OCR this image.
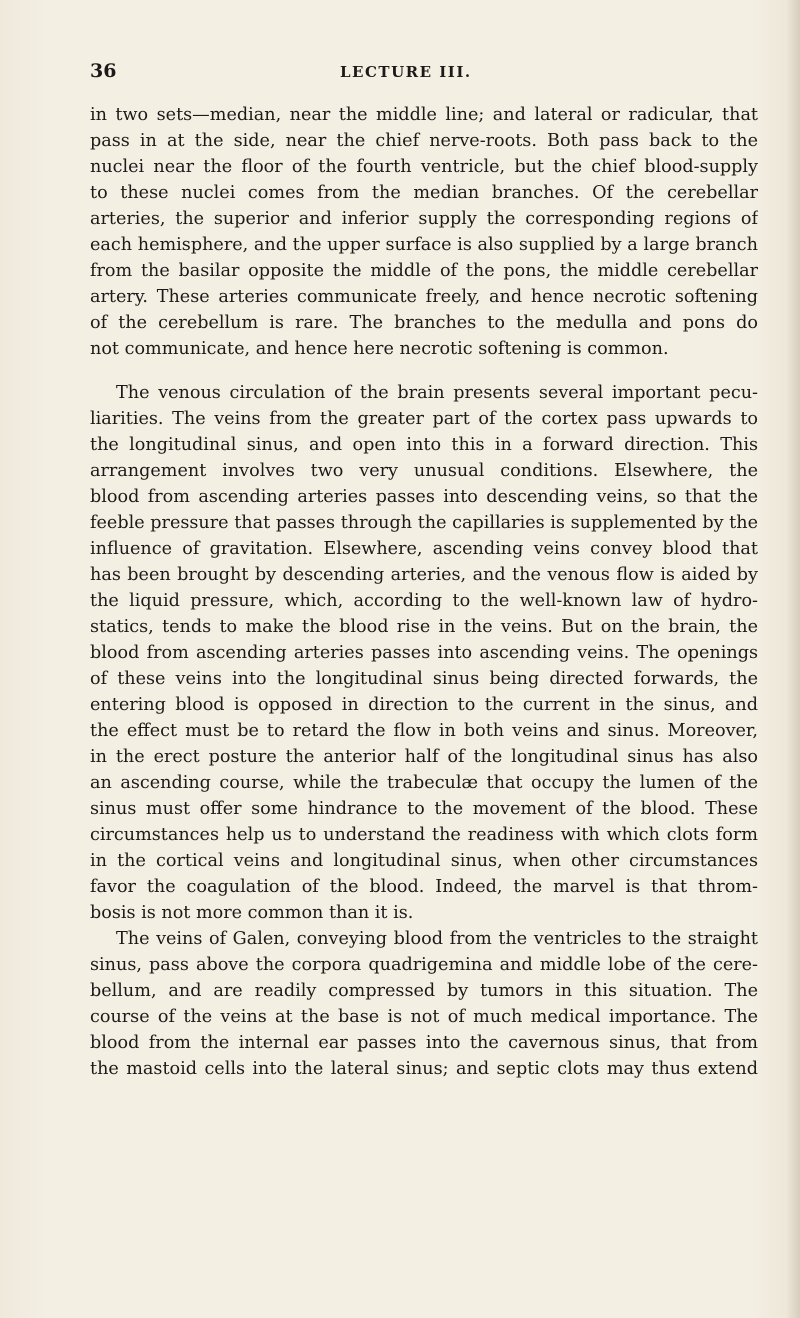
36	LECTURE III.
in two sets—median, near the middle line; and lateral or radicular, that
pass in at the side, near the chief nerve-roots. Both pass back to the
nuclei near the floor of the fourth ventricle, but the chief blood-supply
to these nuclei comes from the median branches. Of the cerebellar
arteries, the superior and inferior supply the corresponding regions of
each hemisphere, and the upper surface is also supplied by a large branch
from the basilar opposite the middle of the pons, the middle cerebellar
artery. These arteries communicate freely, and hence necrotic softening
of the cerebellum is rare. The branches to the medulla and pons do
not communicate, and hence here necrotic softening is common.
The venous circulation of the brain presents several important pecu-
liarities. The veins from the greater part of the cortex pass upwards to
the longitudinal sinus, and open into this in a forward direction. This
arrangement involves two very unusual conditions. Elsewhere, the
blood from ascending arteries passes into descending veins, so that the
feeble pressure that passes through the capillaries is supplemented by the
influence of gravitation. Elsewhere, ascending veins convey blood that
has been brought by descending arteries, and the venous flow is aided by
the liquid pressure, which, according to the well-known law of hydro-
statics, tends to make the blood rise in the veins. But on the brain, the
blood from ascending arteries passes into ascending veins. The openings
of these veins into the longitudinal sinus being directed forwards, the
entering blood is opposed in direction to the current in the sinus, and
the effect must be to retard the flow in both veins and sinus. Moreover,
in the erect posture the anterior half of the longitudinal sinus has also
an ascending course, while the trabeculæ that occupy the lumen of the
sinus must offer some hindrance to the movement of the blood. These
circumstances help us to understand the readiness with which clots form
in the cortical veins and longitudinal sinus, when other circumstances
favor the coagulation of the blood. Indeed, the marvel is that throm-
bosis is not more common than it is.
The veins of Galen, conveying blood from the ventricles to the straight
sinus, pass above the corpora quadrigemina and middle lobe of the cere-
bellum, and are readily compressed by tumors in this situation. The
course of the veins at the base is not of much medical importance. The
blood from the internal ear passes into the cavernous sinus, that from
the mastoid cells into the lateral sinus; and septic clots may thus extend
